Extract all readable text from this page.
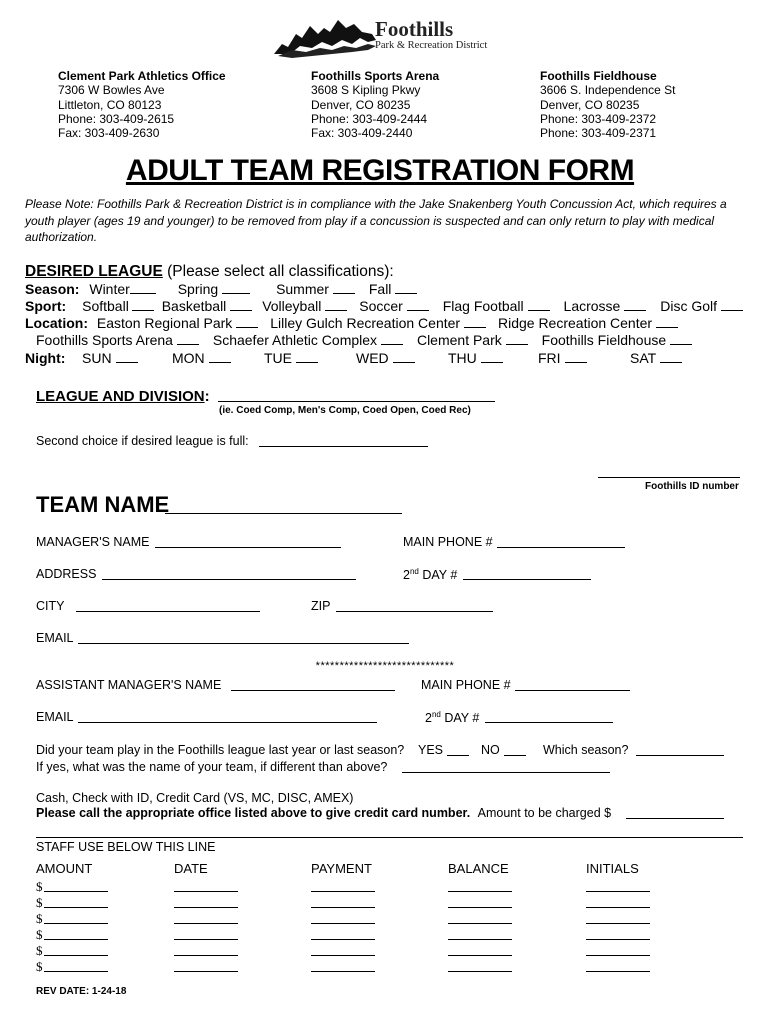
Foothills
Park & Recreation District
Clement Park Athletics Office
7306 W Bowles Ave
Littleton, CO 80123
Phone: 303-409-2615
Fax: 303-409-2630
Foothills Sports Arena
3608 S Kipling Pkwy
Denver, CO 80235
Phone: 303-409-2444
Fax: 303-409-2440
Foothills Fieldhouse
3606 S. Independence St
Denver, CO 80235
Phone: 303-409-2372
Phone: 303-409-2371
ADULT TEAM REGISTRATION FORM
Please Note: Foothills Park & Recreation District is in compliance with the Jake Snakenberg Youth Concussion Act, which requires a youth player (ages 19 and younger) to be removed from play if a concussion is suspected and can only return to play with medical authorization.
DESIRED LEAGUE (Please select all classifications):
Season: Winter	Spring	Summer	Fall
Sport: Softball Basketball	Volleyball	Soccer	Flag Football	Lacrosse	Disc Golf
Location: Easton Regional Park	Lilley Gulch Recreation Center	Ridge Recreation Center
Foothills Sports Arena	Schaefer Athletic Complex	Clement Park	Foothills Fieldhouse
Night: SUN	MON	TUE	WED	THU	FRI	SAT
LEAGUE AND DIVISION:
(ie. Coed Comp, Men's Comp, Coed Open, Coed Rec)
Second choice if desired league is full:
Foothills ID number
TEAM NAME
MANAGER'S NAME	MAIN PHONE #
ADDRESS	2nd DAY #
CITY	ZIP
EMAIL
*****************************
ASSISTANT MANAGER'S NAME	MAIN PHONE #
EMAIL	2nd DAY #
Did your team play in the Foothills league last year or last season? YES	NO	Which season?
If yes, what was the name of your team, if different than above?
Cash, Check with ID, Credit Card (VS, MC, DISC, AMEX)
Please call the appropriate office listed above to give credit card number. Amount to be charged $
STAFF USE BELOW THIS LINE
AMOUNT	DATE	PAYMENT	BALANCE	INITIALS
$
$
$
$
$
$
REV DATE: 1-24-18
